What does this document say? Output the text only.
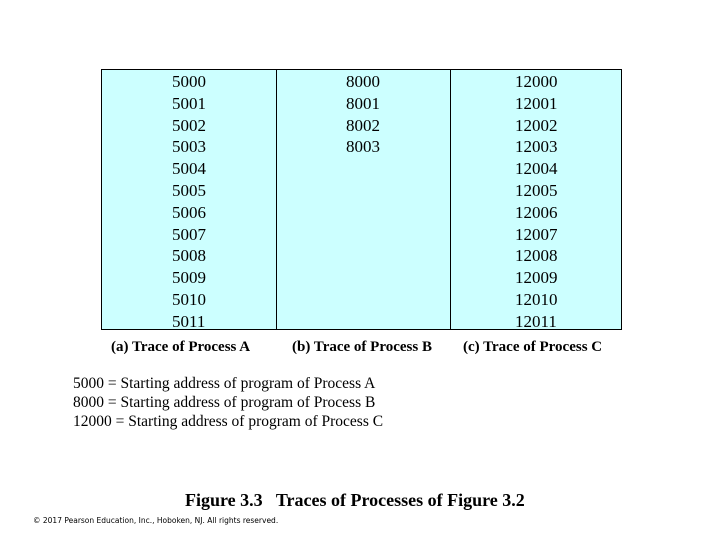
5000
5001
5002
5003
5004
5005
5006
5007
5008
5009
5010
5011
8000
8001
8002
8003
12000
12001
12002
12003
12004
12005
12006
12007
12008
12009
12010
12011
(a) Trace of Process A	(b) Trace of Process B (c) Trace of Process C
5000 = Starting address of program of Process A
8000 = Starting address of program of Process B
12000 = Starting address of program of Process C
Figure 3.3   Traces of Processes of Figure 3.2
© 2017 Pearson Education, Inc., Hoboken, NJ. All rights reserved.
